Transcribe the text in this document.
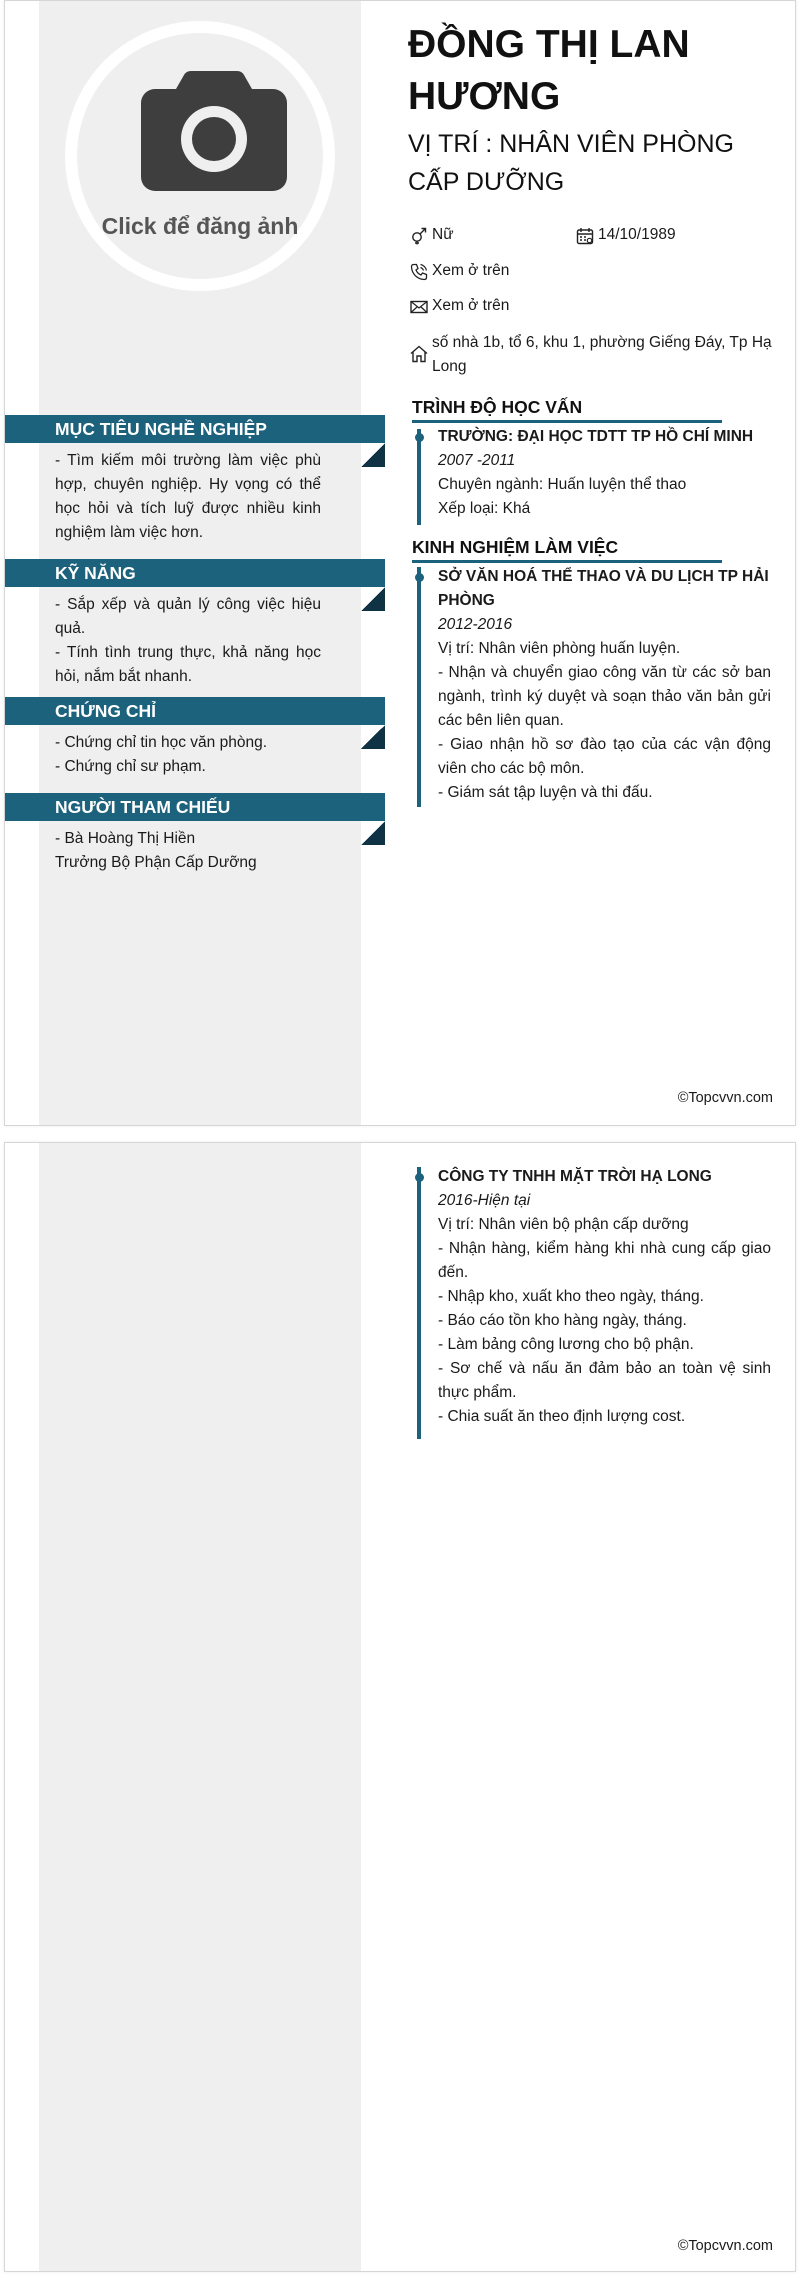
Click để đăng ảnh
MỤC TIÊU NGHỀ NGHIỆP
- Tìm kiếm môi trường làm việc phù hợp, chuyên nghiệp. Hy vọng có thể học hỏi và tích luỹ được nhiều kinh nghiệm làm việc hơn.
KỸ NĂNG
- Sắp xếp và quản lý công việc hiệu quả.
- Tính tình trung thực, khả năng học hỏi, nắm bắt nhanh.
CHỨNG CHỈ
- Chứng chỉ tin học văn phòng.
- Chứng chỉ sư phạm.
NGƯỜI THAM CHIẾU
- Bà Hoàng Thị Hiền
Trưởng Bộ Phận Cấp Dưỡng
ĐỒNG THỊ LAN HƯƠNG
VỊ TRÍ : NHÂN VIÊN PHÒNG CẤP DƯỠNG
Nữ	14/10/1989
Xem ở trên
Xem ở trên
số nhà 1b, tổ 6, khu 1, phường Giếng Đáy, Tp Hạ Long
TRÌNH ĐỘ HỌC VẤN
TRƯỜNG: ĐẠI HỌC TDTT TP HỒ CHÍ MINH
2007 -2011
Chuyên ngành: Huấn luyện thể thao
Xếp loại: Khá
KINH NGHIỆM LÀM VIỆC
SỞ VĂN HOÁ THỂ THAO VÀ DU LỊCH TP HẢI PHÒNG
2012-2016
Vị trí: Nhân viên phòng huấn luyện.
- Nhận và chuyển giao công văn từ các sở ban ngành, trình ký duyệt và soạn thảo văn bản gửi các bên liên quan.
- Giao nhận hồ sơ đào tạo của các vận động viên cho các bộ môn.
- Giám sát tập luyện và thi đấu.
©Topcvvn.com
CÔNG TY TNHH MẶT TRỜI HẠ LONG
2016-Hiện tại
Vị trí: Nhân viên bộ phận cấp dưỡng
- Nhận hàng, kiểm hàng khi nhà cung cấp giao đến.
- Nhập kho, xuất kho theo ngày, tháng.
- Báo cáo tồn kho hàng ngày, tháng.
- Làm bảng công lương cho bộ phận.
- Sơ chế và nấu ăn đảm bảo an toàn vệ sinh thực phẩm.
- Chia suất ăn theo định lượng cost.
©Topcvvn.com
